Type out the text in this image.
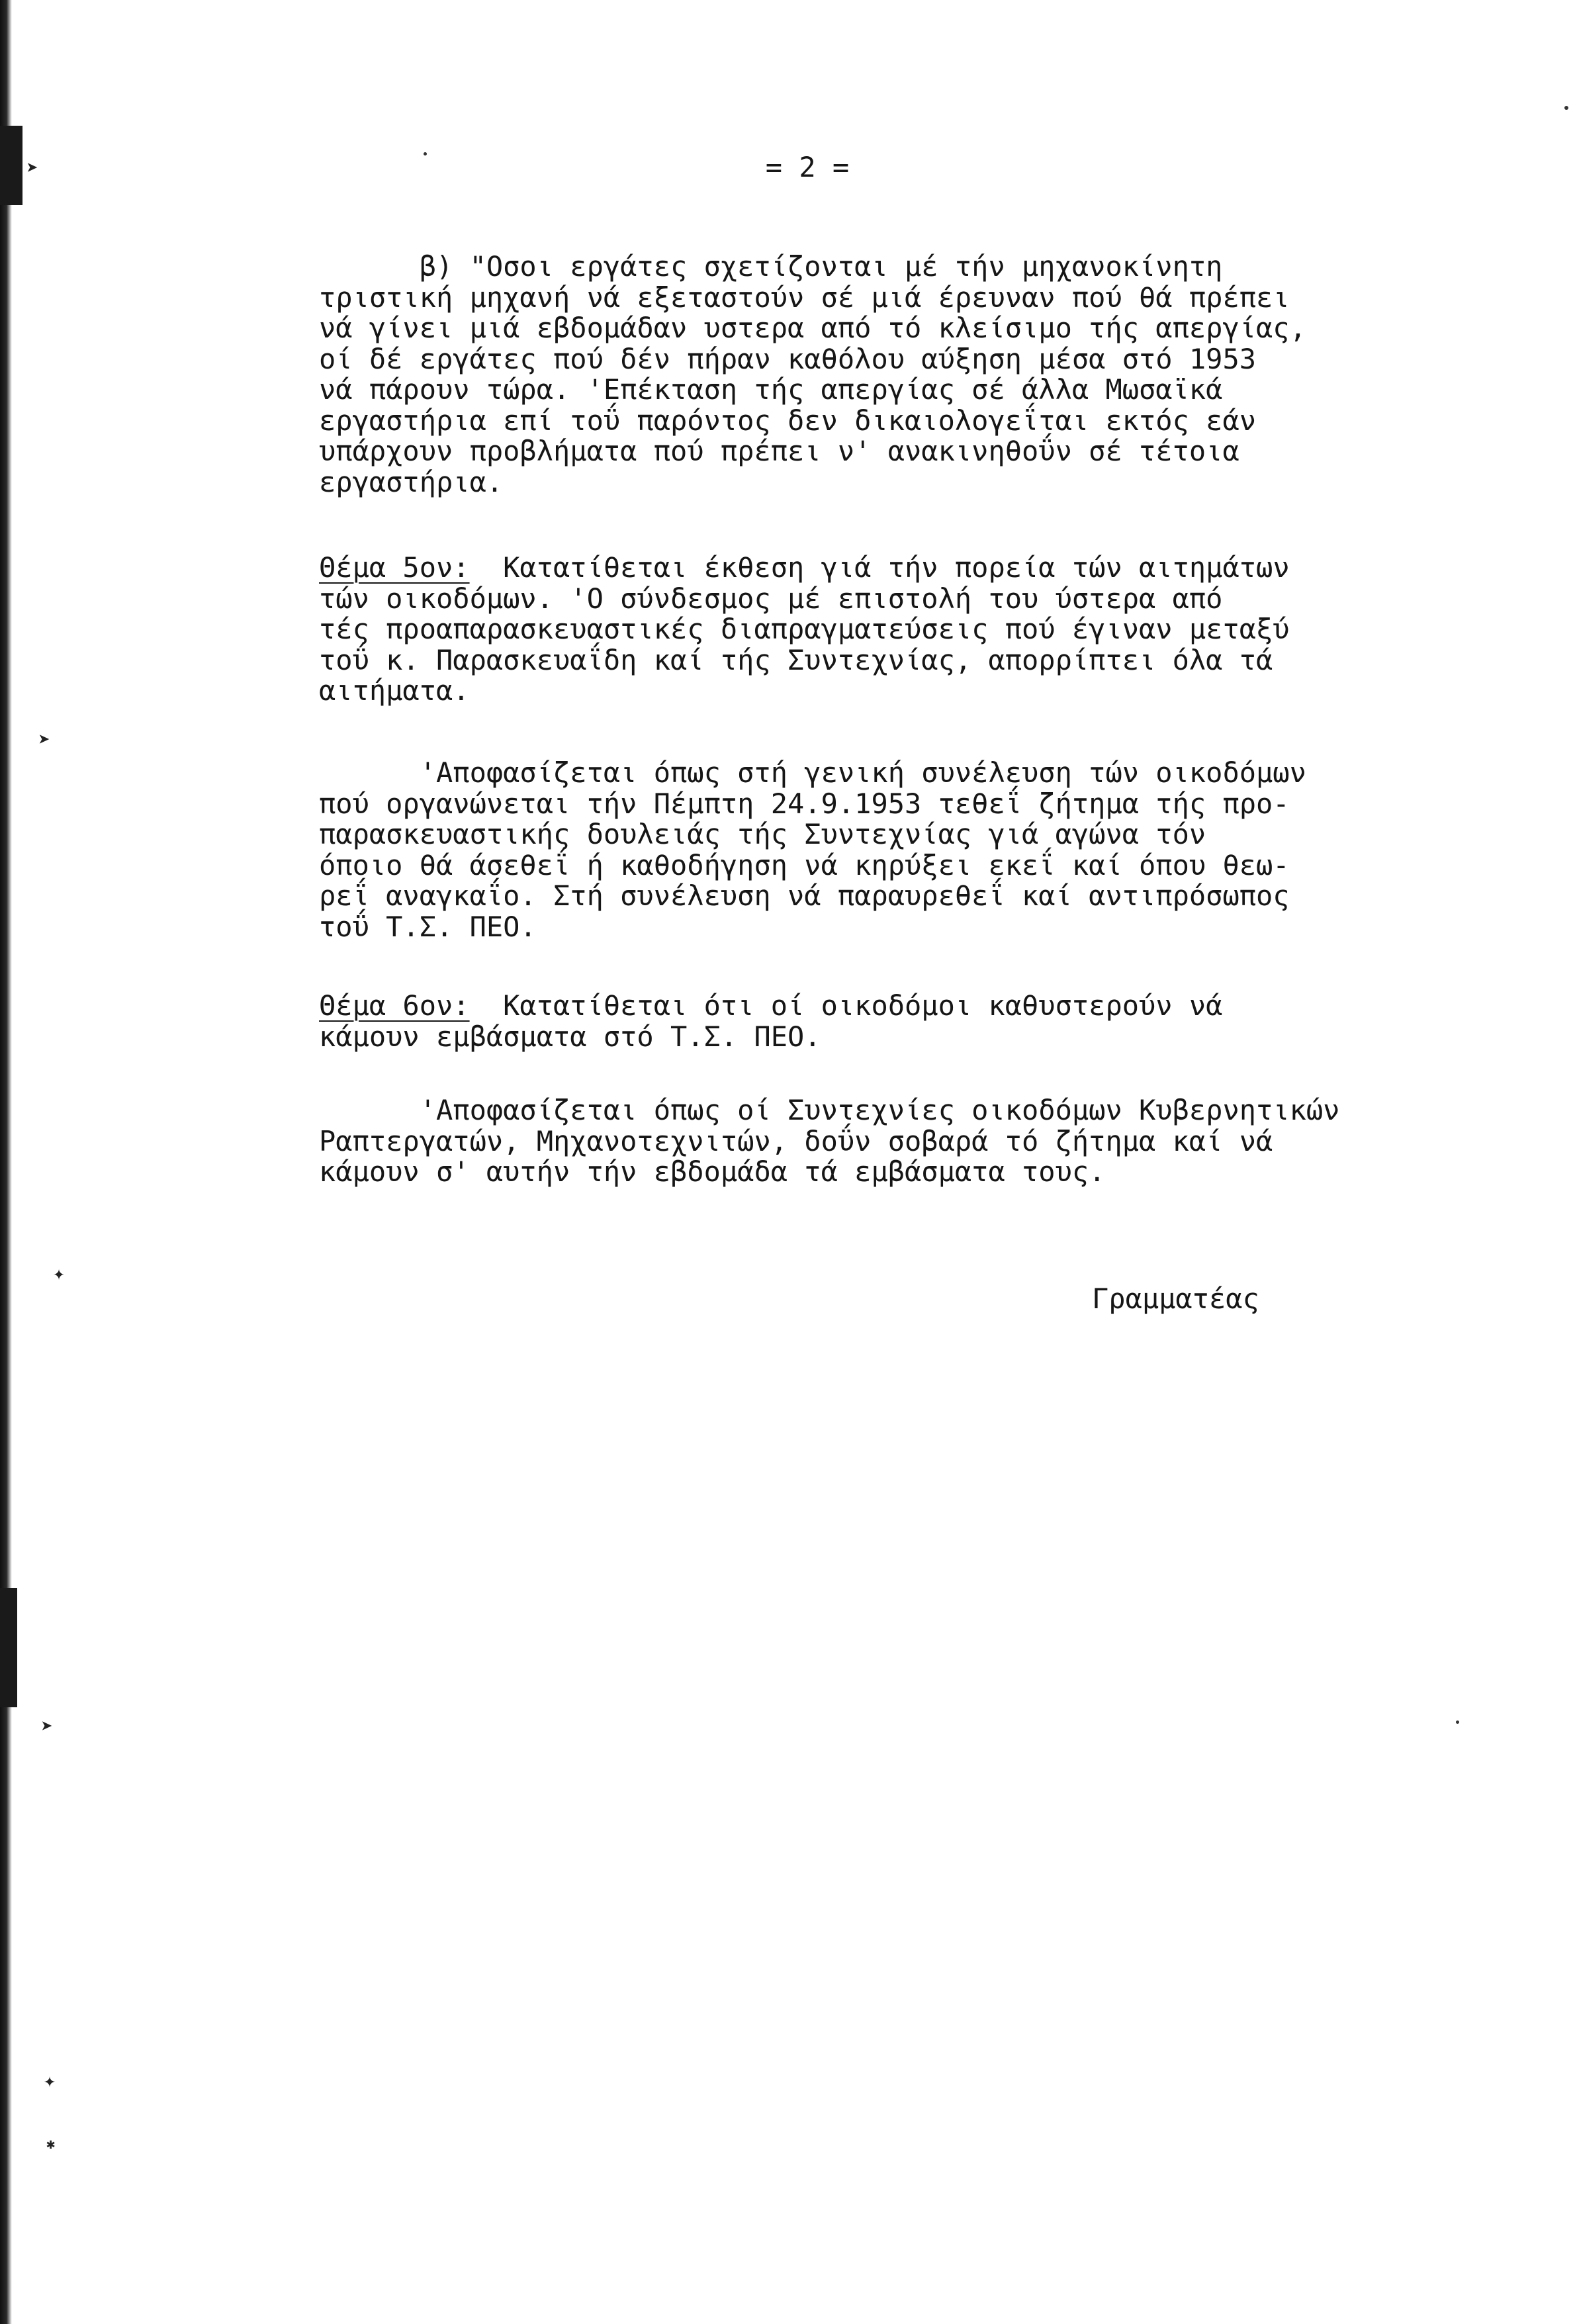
➤
➤
✦
➤
✦
✱
= 2 =
β) "Οσοι εργάτες σχετίζονται μέ τήν μηχανοκίνητη
τριστική μηχανή νά εξεταστούν σέ μιά έρευναν πού θά πρέπει
νά γίνει μιά εβδομάδαν υστερα από τό κλείσιμο τής απεργίας,
οί δέ εργάτες πού δέν πήραν καθόλου αύξηση μέσα στό 1953
νά πάρουν τώρα. 'Επέκταση τής απεργίας σέ άλλα Μωσαϊκά
εργαστήρια επί τοΰ παρόντος δεν δικαιολογεΐται εκτός εάν
υπάρχουν προβλήματα πού πρέπει ν' ανακινηθοΰν σέ τέτοια
εργαστήρια.
Θέμα 5ον:  Κατατίθεται έκθεση γιά τήν πορεία τών αιτημάτων
τών οικοδόμων. 'Ο σύνδεσμος μέ επιστολή του ύστερα από
τές προαπαρασκευαστικές διαπραγματεύσεις πού έγιναν μεταξύ
τοΰ κ. Παρασκευαΐδη καί τής Συντεχνίας, απορρίπτει όλα τά
αιτήματα.
'Αποφασίζεται όπως στή γενική συνέλευση τών οικοδόμων
πού οργανώνεται τήν Πέμπτη 24.9.1953 τεθεΐ ζήτημα τής προ-
παρασκευαστικής δουλειάς τής Συντεχνίας γιά αγώνα τόν
όποιο θά άσεθεΐ ή καθοδήγηση νά κηρύξει εκεΐ καί όπου θεω-
ρεΐ αναγκαΐο. Στή συνέλευση νά παραυρεθεΐ καί αντιπρόσωπος
τοΰ Τ.Σ. ΠΕΟ.
Θέμα 6ον:  Κατατίθεται ότι οί οικοδόμοι καθυστερούν νά
κάμουν εμβάσματα στό Τ.Σ. ΠΕΟ.
'Αποφασίζεται όπως οί Συντεχνίες οικοδόμων Κυβερνητικών
Ραπτεργατών, Μηχανοτεχνιτών, δοΰν σοβαρά τό ζήτημα καί νά
κάμουν σ' αυτήν τήν εβδομάδα τά εμβάσματα τους.
Γραμματέας
